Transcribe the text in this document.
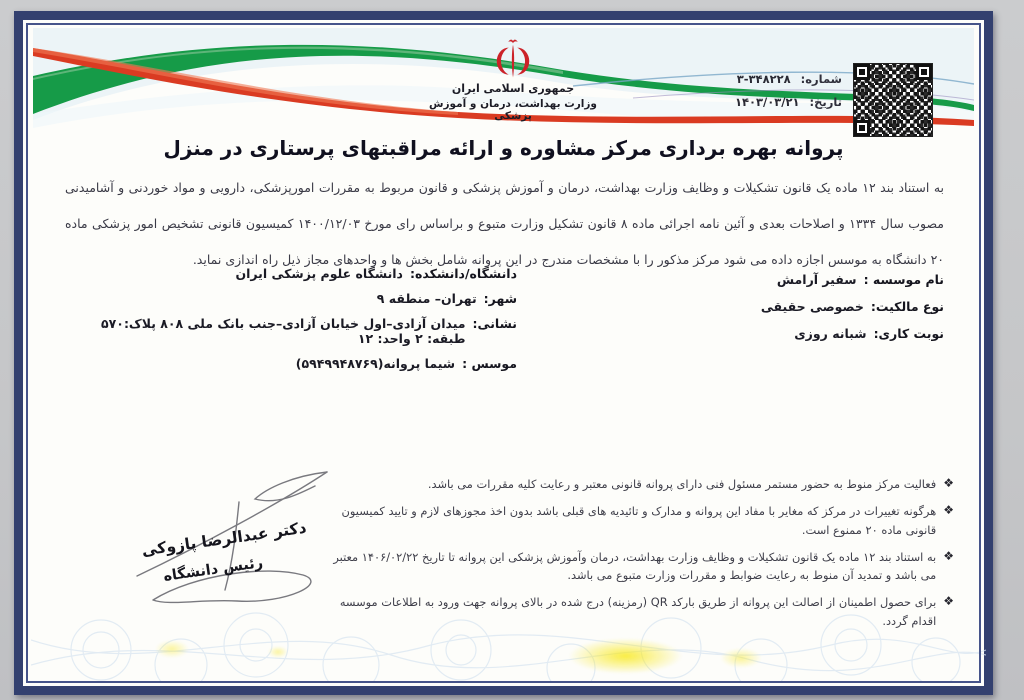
جمهوری اسلامی ایران
وزارت بهداشت، درمان و آموزش پزشکی
شماره:
۳-۳۴۸۲۲۸
تاریخ:
۱۴۰۳/۰۳/۲۱
پروانه بهره برداری مرکز مشاوره و ارائه مراقبتهای پرستاری در منزل
به استناد بند ۱۲ ماده یک قانون تشکیلات و وظایف وزارت بهداشت، درمان و آموزش پزشکی و قانون مربوط به مقررات امورپزشکی، دارویی و مواد خوردنی و آشامیدنی مصوب سال ۱۳۳۴ و اصلاحات بعدی و آئین نامه اجرائی ماده ۸ قانون تشکیل وزارت متبوع و براساس رای مورخ ۱۴۰۰/۱۲/۰۳ کمیسیون قانونی تشخیص امور پزشکی ماده ۲۰ دانشگاه به موسس اجازه داده می شود مرکز مذکور را با مشخصات مندرج در این پروانه شامل بخش ها و واحدهای مجاز ذیل راه اندازی نماید.
نام موسسه :
سفیر آرامش
نوع مالکیت:
خصوصی حقیقی
نوبت کاری:
شبانه روزی
دانشگاه/دانشکده:
دانشگاه علوم پزشکی ایران
شهر:
تهران– منطقه ۹
نشانی:
میدان آزادی–اول خیابان آزادی–جنب بانک ملی ۸۰۸ پلاک:۵۷۰ طبقه: ۲ واحد: ۱۲
موسس :
شیما پروانه(۵۹۴۹۹۴۸۷۶۹)
❖
فعالیت مرکز منوط به حضور مستمر مسئول فنی دارای پروانه قانونی معتبر و رعایت کلیه مقررات می باشد.
❖
هرگونه تغییرات در مرکز که مغایر با مفاد این پروانه و مدارک و تائیدیه های قبلی باشد بدون اخذ مجوزهای لازم و تایید کمیسیون قانونی ماده ۲۰ ممنوع است.
❖
به استناد بند ۱۲ ماده یک قانون تشکیلات و وظایف وزارت بهداشت، درمان وآموزش پزشکی این پروانه تا تاریخ ۱۴۰۶/۰۲/۲۲ معتبر می باشد و تمدید آن منوط به رعایت ضوابط و مقررات وزارت متبوع می باشد.
❖
برای حصول اطمینان از اصالت این پروانه از طریق بارکد QR (رمزینه) درج شده در بالای پروانه جهت ورود به اطلاعات موسسه اقدام گردد.
دکتر عبدالرضا پازوکی
رئیس دانشگاه
